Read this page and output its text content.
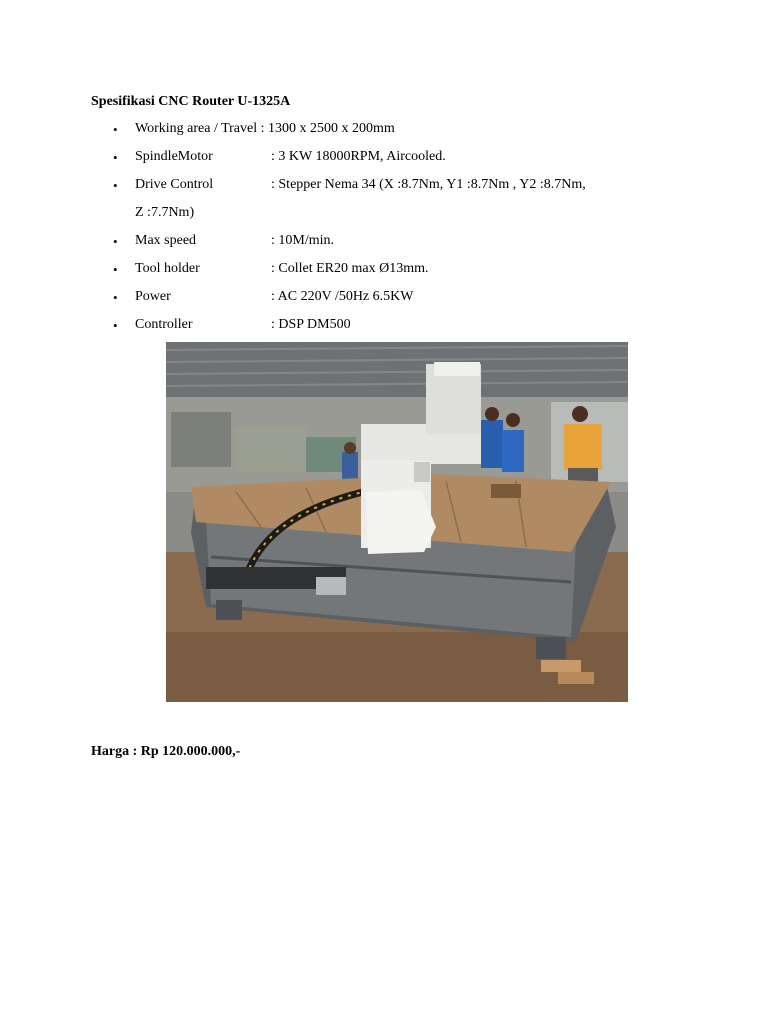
Spesifikasi CNC Router U-1325A
• Working area / Travel : 1300 x 2500 x 200mm
• SpindleMotor	: 3 KW 18000RPM, Aircooled.
• Drive Control	: Stepper Nema 34 (X :8.7Nm, Y1 :8.7Nm , Y2 :8.7Nm,
Z :7.7Nm)
• Max speed	: 10M/min.
• Tool holder	: Collet ER20 max Ø13mm.
• Power	: AC 220V /50Hz 6.5KW
• Controller	: DSP DM500

Harga : Rp 120.000.000,-
